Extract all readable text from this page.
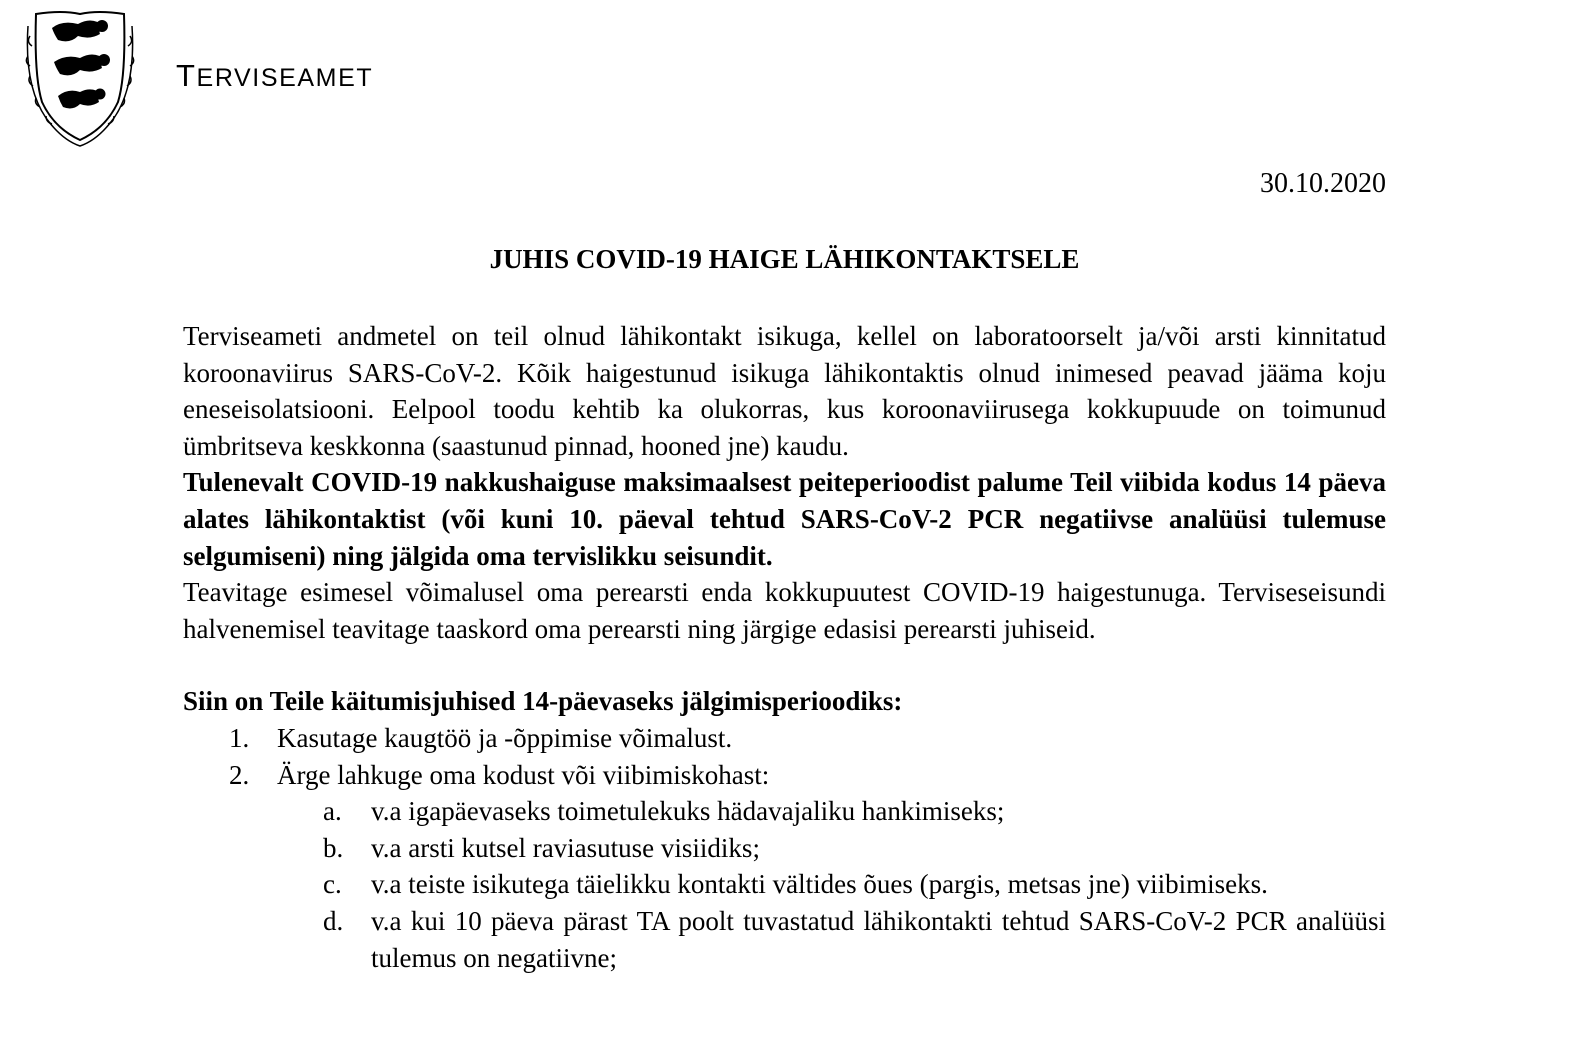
TERVISEAMET
30.10.2020
JUHIS COVID-19 HAIGE LÄHIKONTAKTSELE

Terviseameti andmetel on teil olnud lähikontakt isikuga, kellel on laboratoorselt ja/või arsti kinnitatud koroonaviirus SARS-CoV-2. Kõik haigestunud isikuga lähikontaktis olnud inimesed peavad jääma koju eneseisolatsiooni. Eelpool toodu kehtib ka olukorras, kus koroonaviirusega kokkupuude on toimunud ümbritseva keskkonna (saastunud pinnad, hooned jne) kaudu.

Tulenevalt COVID-19 nakkushaiguse maksimaalsest peiteperioodist palume Teil viibida kodus 14 päeva alates lähikontaktist (või kuni 10. päeval tehtud SARS-CoV-2 PCR negatiivse analüüsi tulemuse selgumiseni) ning jälgida oma tervislikku seisundit.

Teavitage esimesel võimalusel oma perearsti enda kokkupuutest COVID-19 haigestunuga. Terviseseisundi halvenemisel teavitage taaskord oma perearsti ning järgige edasisi perearsti juhiseid.

Siin on Teile käitumisjuhised 14-päevaseks jälgimisperioodiks:
1.	Kasutage kaugtöö ja -õppimise võimalust.
2.	Ärge lahkuge oma kodust või viibimiskohast:
a.	v.a igapäevaseks toimetulekuks hädavajaliku hankimiseks;
b.	v.a arsti kutsel raviasutuse visiidiks;
c.	v.a teiste isikutega täielikku kontakti vältides õues (pargis, metsas jne) viibimiseks.
d.	v.a kui 10 päeva pärast TA poolt tuvastatud lähikontakti tehtud SARS-CoV-2 PCR analüüsi tulemus on negatiivne;
